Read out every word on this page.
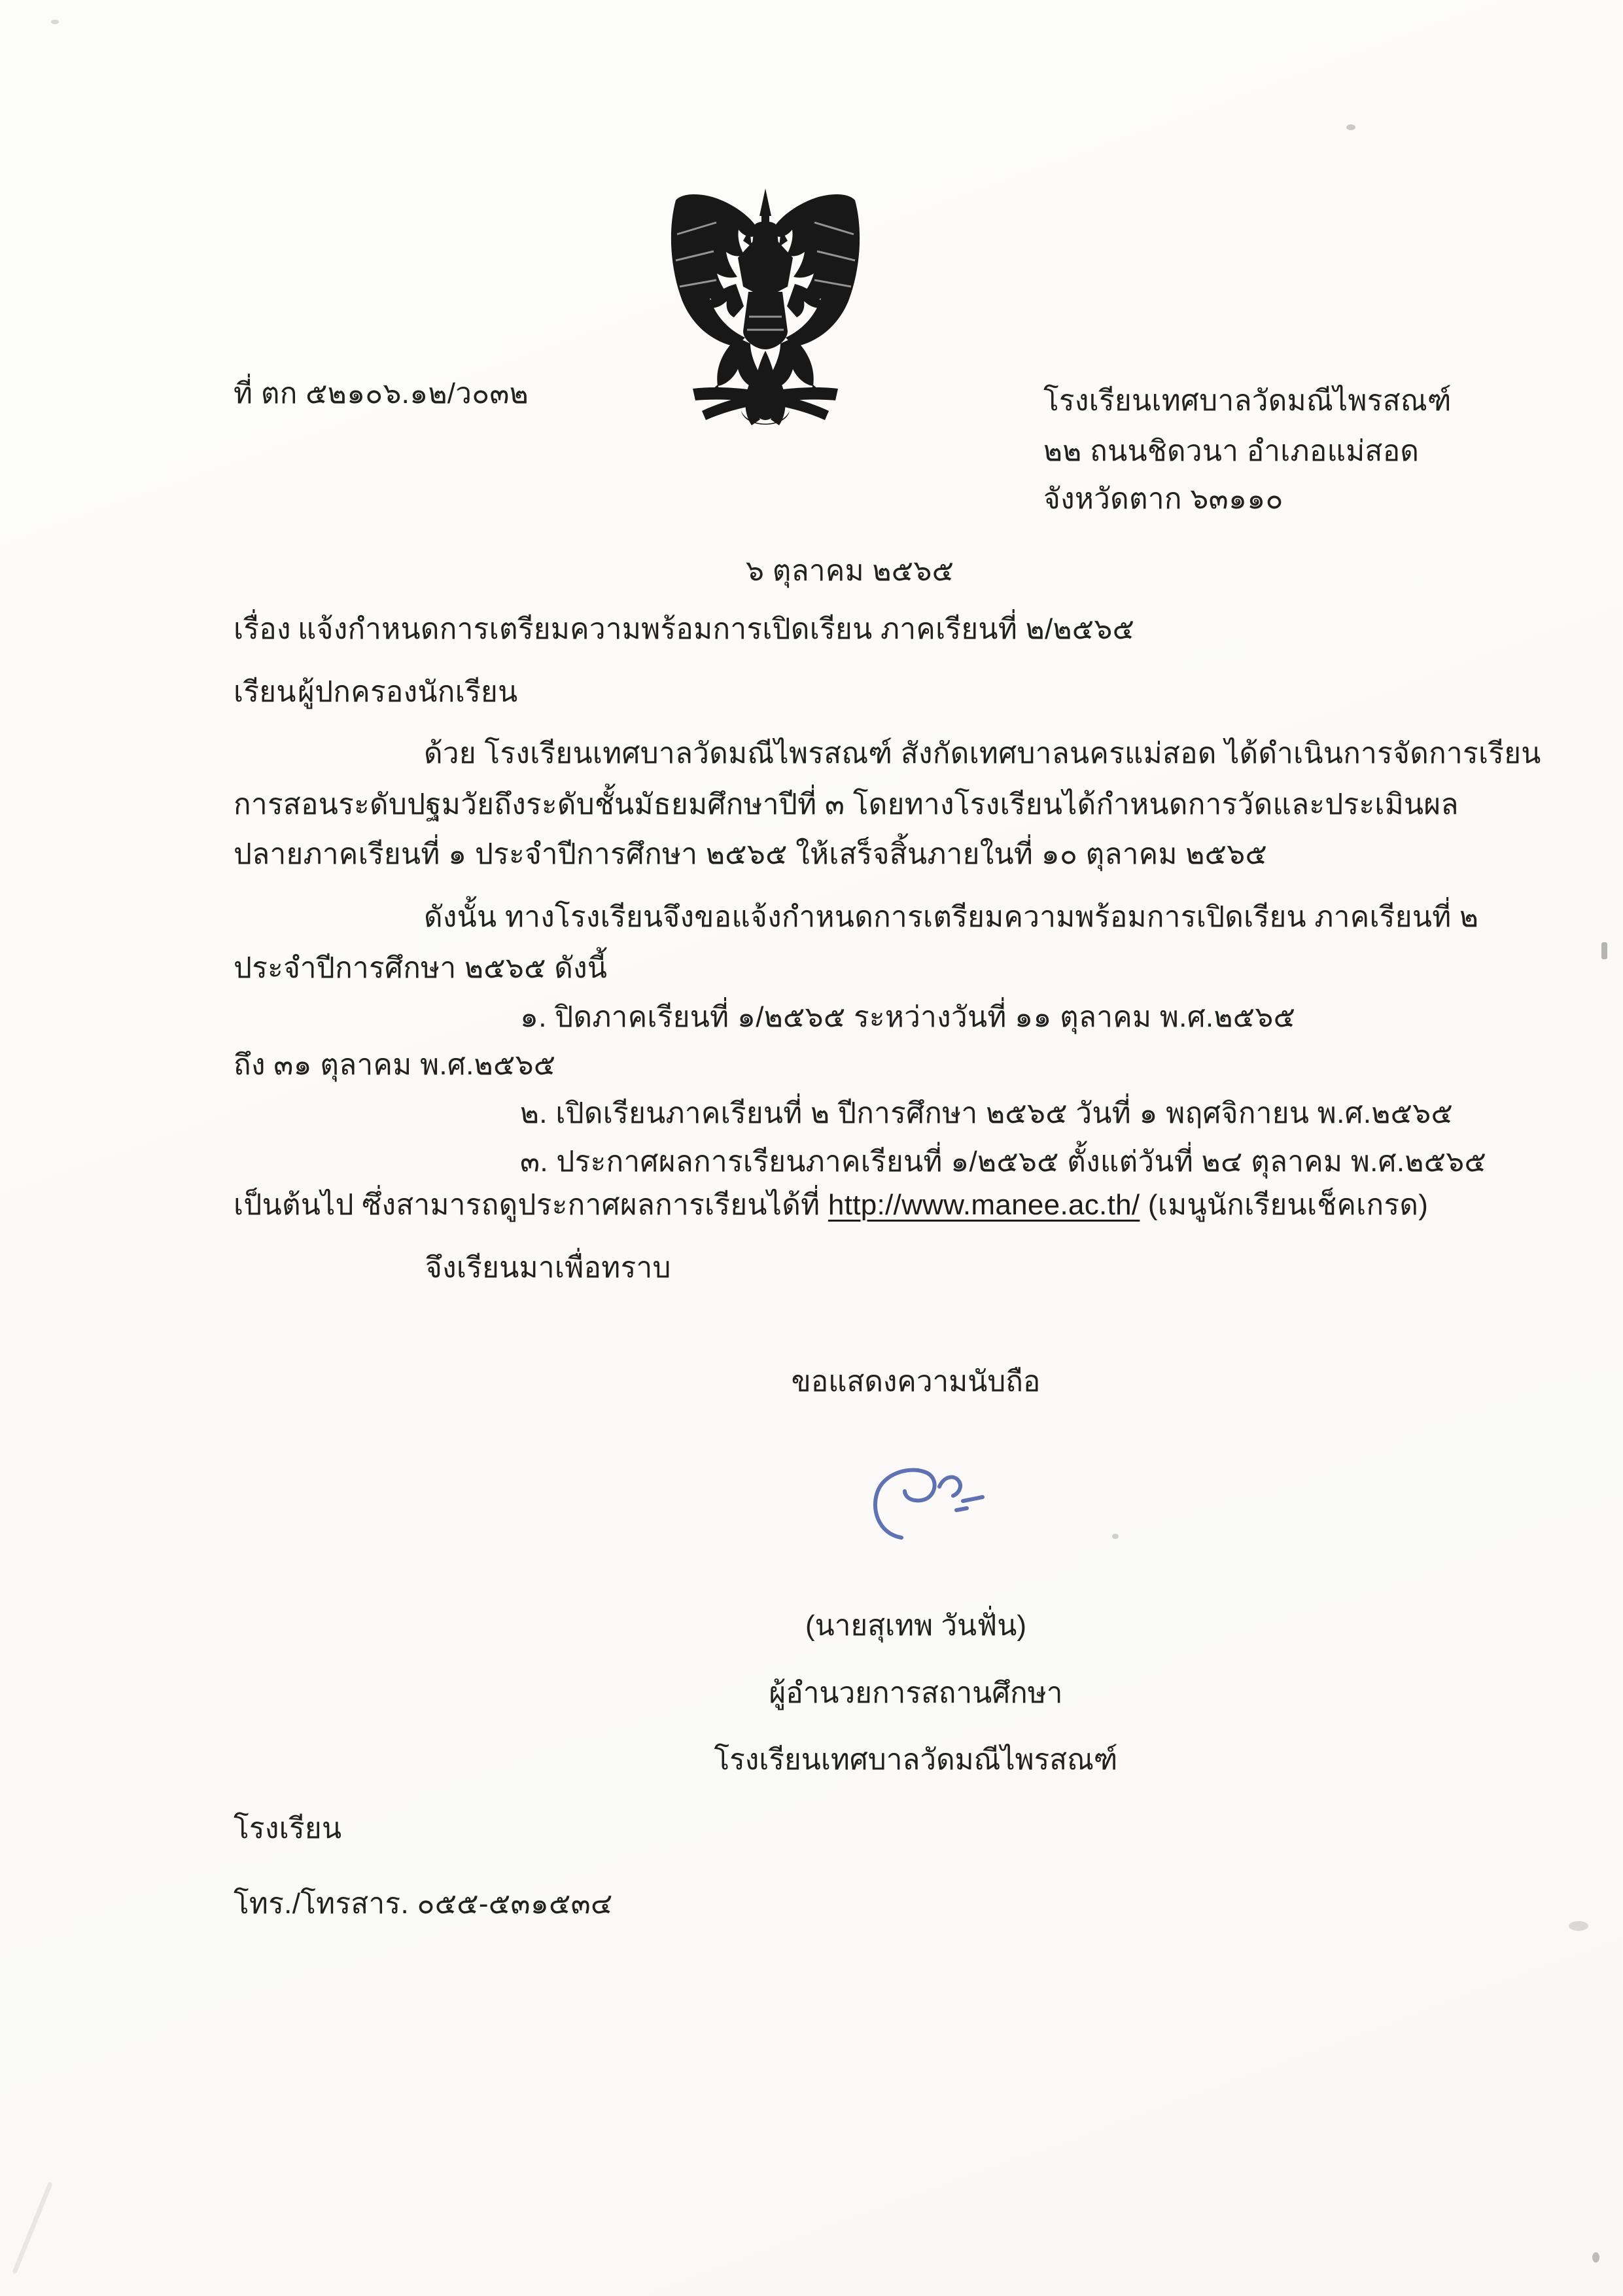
ที่ ตก ๕๒๑๐๖.๑๒/ว๐๓๒	โรงเรียนเทศบาลวัดมณีไพรสณฑ์
๒๒ ถนนชิดวนา อำเภอแม่สอด
จังหวัดตาก ๖๓๑๑๐
๖ ตุลาคม ๒๕๖๕
เรื่อง แจ้งกำหนดการเตรียมความพร้อมการเปิดเรียน ภาคเรียนที่ ๒/๒๕๖๕
เรียน ผู้ปกครองนักเรียน
ด้วย โรงเรียนเทศบาลวัดมณีไพรสณฑ์ สังกัดเทศบาลนครแม่สอด ได้ดำเนินการจัดการเรียน
การสอนระดับปฐมวัยถึงระดับชั้นมัธยมศึกษาปีที่ ๓ โดยทางโรงเรียนได้กำหนดการวัดและประเมินผล
ปลายภาคเรียนที่ ๑ ประจำปีการศึกษา ๒๕๖๕ ให้เสร็จสิ้นภายในที่ ๑๐ ตุลาคม ๒๕๖๕
ดังนั้น ทางโรงเรียนจึงขอแจ้งกำหนดการเตรียมความพร้อมการเปิดเรียน ภาคเรียนที่ ๒
ประจำปีการศึกษา ๒๕๖๕ ดังนี้
๑. ปิดภาคเรียนที่ ๑/๒๕๖๕ ระหว่างวันที่ ๑๑ ตุลาคม พ.ศ.๒๕๖๕
ถึง ๓๑ ตุลาคม พ.ศ.๒๕๖๕
๒. เปิดเรียนภาคเรียนที่ ๒ ปีการศึกษา ๒๕๖๕ วันที่ ๑ พฤศจิกายน พ.ศ.๒๕๖๕
๓. ประกาศผลการเรียนภาคเรียนที่ ๑/๒๕๖๕ ตั้งแต่วันที่ ๒๔ ตุลาคม พ.ศ.๒๕๖๕
เป็นต้นไป ซึ่งสามารถดูประกาศผลการเรียนได้ที่ http://www.manee.ac.th/ (เมนูนักเรียนเช็คเกรด)
จึงเรียนมาเพื่อทราบ
ขอแสดงความนับถือ
(นายสุเทพ วันฟั่น)
ผู้อำนวยการสถานศึกษา
โรงเรียนเทศบาลวัดมณีไพรสณฑ์
โรงเรียน
โทร./โทรสาร. ๐๕๕-๕๓๑๕๓๔
